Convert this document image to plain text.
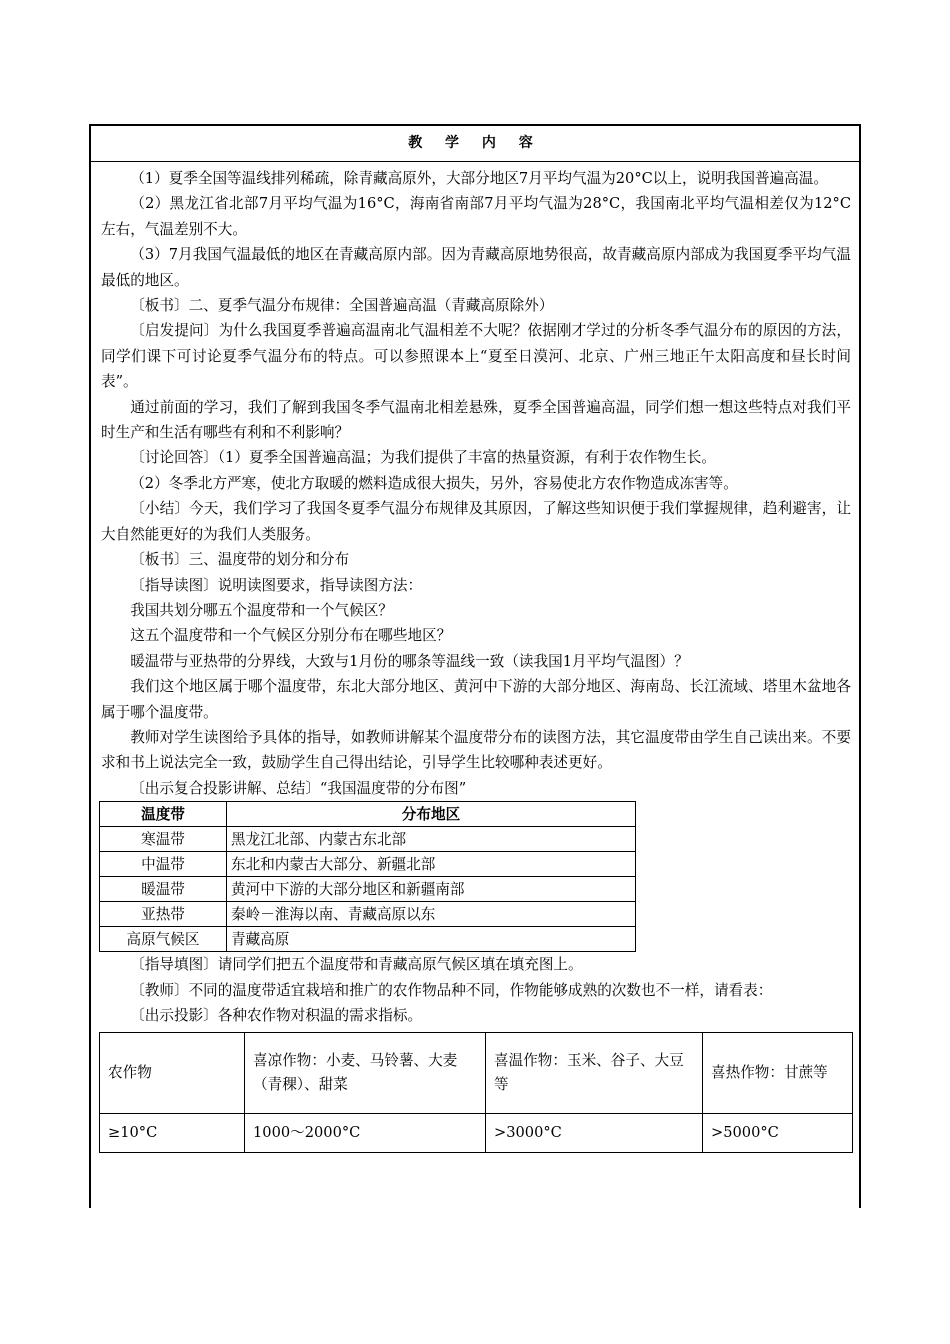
教 学 内 容

（1）夏季全国等温线排列稀疏，除青藏高原外，大部分地区7月平均气温为20°C以上，说明我国普遍高温。

（2）黑龙江省北部7月平均气温为16°C，海南省南部7月平均气温为28°C，我国南北平均气温相差仅为12°C左右，气温差别不大。

（3）7月我国气温最低的地区在青藏高原内部。因为青藏高原地势很高，故青藏高原内部成为我国夏季平均气温最低的地区。

〔板书〕二、夏季气温分布规律：全国普遍高温（青藏高原除外）

〔启发提问〕为什么我国夏季普遍高温南北气温相差不大呢？依据刚才学过的分析冬季气温分布的原因的方法，同学们课下可讨论夏季气温分布的特点。可以参照课本上“夏至日漠河、北京、广州三地正午太阳高度和昼长时间表”。

通过前面的学习，我们了解到我国冬季气温南北相差悬殊，夏季全国普遍高温，同学们想一想这些特点对我们平时生产和生活有哪些有利和不利影响？

〔讨论回答〕（1）夏季全国普遍高温；为我们提供了丰富的热量资源，有利于农作物生长。

（2）冬季北方严寒，使北方取暖的燃料造成很大损失，另外，容易使北方农作物造成冻害等。

〔小结〕今天，我们学习了我国冬夏季气温分布规律及其原因，了解这些知识便于我们掌握规律，趋利避害，让大自然能更好的为我们人类服务。

〔板书〕三、温度带的划分和分布

〔指导读图〕说明读图要求，指导读图方法：

我国共划分哪五个温度带和一个气候区？

这五个温度带和一个气候区分别分布在哪些地区？

暖温带与亚热带的分界线，大致与1月份的哪条等温线一致（读我国1月平均气温图）？

我们这个地区属于哪个温度带，东北大部分地区、黄河中下游的大部分地区、海南岛、长江流域、塔里木盆地各属于哪个温度带。

教师对学生读图给予具体的指导，如教师讲解某个温度带分布的读图方法，其它温度带由学生自己读出来。不要求和书上说法完全一致，鼓励学生自己得出结论，引导学生比较哪种表述更好。

〔出示复合投影讲解、总结〕“我国温度带的分布图”

温度带	分布地区
寒温带	黑龙江北部、内蒙古东北部
中温带	东北和内蒙古大部分、新疆北部
暖温带	黄河中下游的大部分地区和新疆南部
亚热带	秦岭－淮海以南、青藏高原以东
高原气候区	青藏高原

〔指导填图〕请同学们把五个温度带和青藏高原气候区填在填充图上。

〔教师〕不同的温度带适宜栽培和推广的农作物品种不同，作物能够成熟的次数也不一样，请看表：

〔出示投影〕各种农作物对积温的需求指标。

农作物	喜凉作物：小麦、马铃薯、大麦（青稞）、甜菜	喜温作物：玉米、谷子、大豆等	喜热作物：甘蔗等
≥10°C	1000～2000°C	>3000°C	>5000°C
